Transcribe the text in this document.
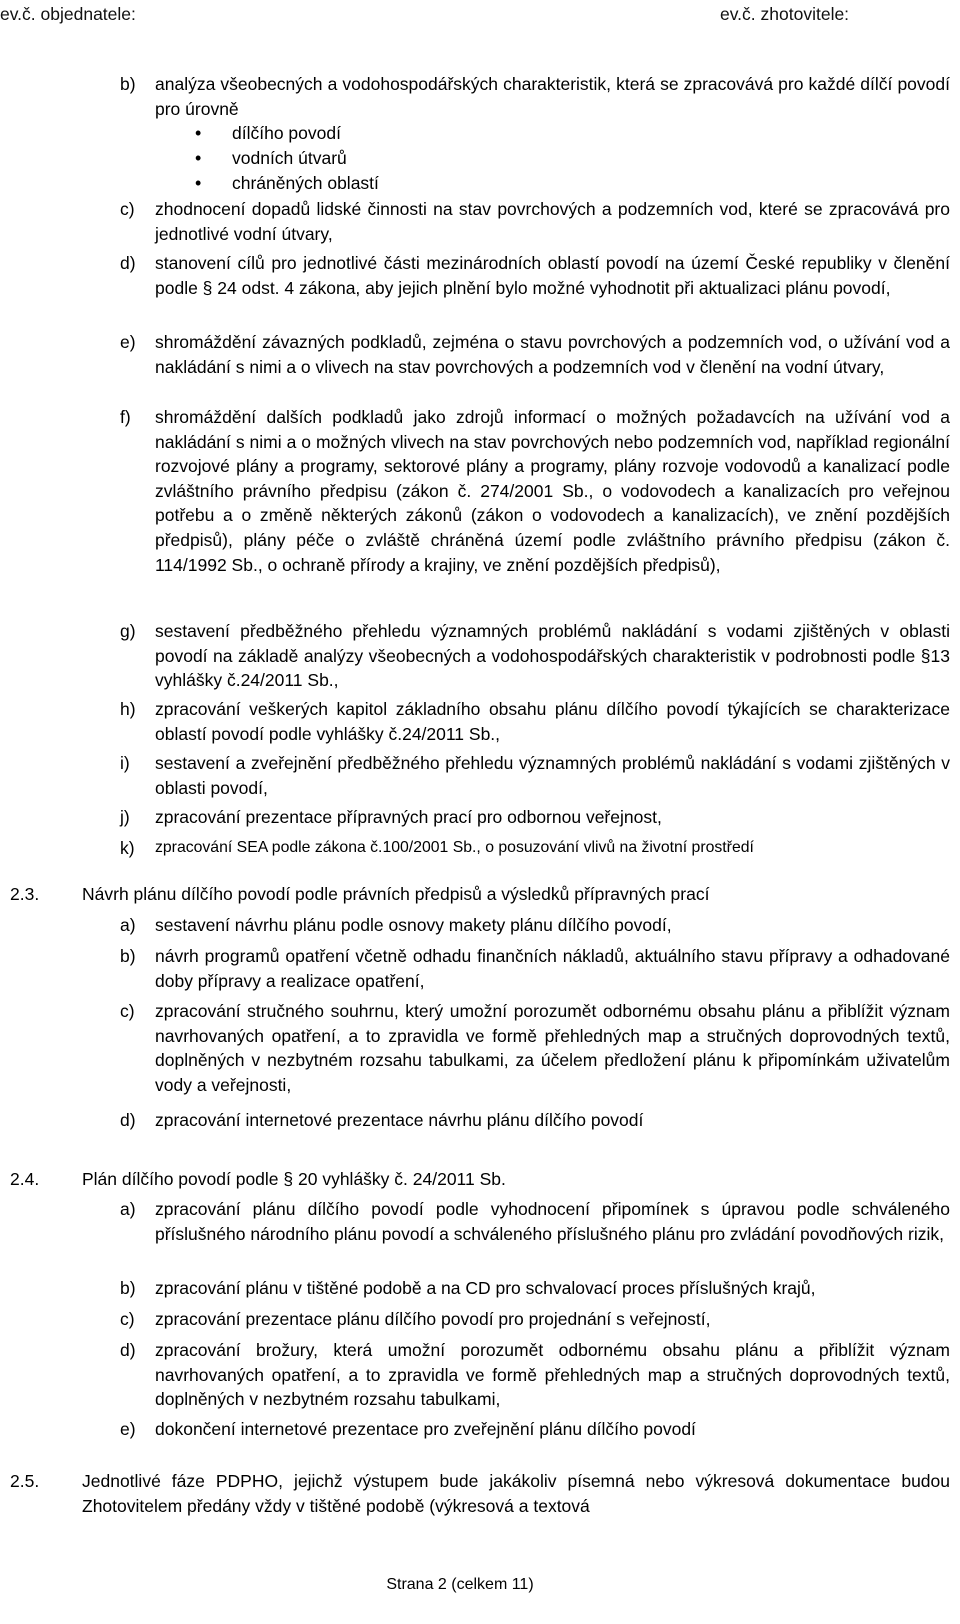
ev.č. objednatele:	ev.č. zhotovitele:
b) analýza všeobecných a vodohospodářských charakteristik, která se zpracovává pro každé dílčí povodí pro úrovně
dílčího povodí
vodních útvarů
chráněných oblastí
c) zhodnocení dopadů lidské činnosti na stav povrchových a podzemních vod, které se zpracovává pro jednotlivé vodní útvary,
d) stanovení cílů pro jednotlivé části mezinárodních oblastí povodí na území České republiky v členění podle § 24 odst. 4 zákona, aby jejich plnění bylo možné vyhodnotit při aktualizaci plánu povodí,
e) shromáždění závazných podkladů, zejména o stavu povrchových a podzemních vod, o užívání vod a nakládání s nimi a o vlivech na stav povrchových a podzemních vod v členění na vodní útvary,
f) shromáždění dalších podkladů jako zdrojů informací o možných požadavcích na užívání vod a nakládání s nimi a o možných vlivech na stav povrchových nebo podzemních vod, například regionální rozvojové plány a programy, sektorové plány a programy, plány rozvoje vodovodů a kanalizací podle zvláštního právního předpisu (zákon č. 274/2001 Sb., o vodovodech a kanalizacích pro veřejnou potřebu a o změně některých zákonů (zákon o vodovodech a kanalizacích), ve znění pozdějších předpisů), plány péče o zvláště chráněná území podle zvláštního právního předpisu (zákon č. 114/1992 Sb., o ochraně přírody a krajiny, ve znění pozdějších předpisů),
g) sestavení předběžného přehledu významných problémů nakládání s vodami zjištěných v oblasti povodí na základě analýzy všeobecných a vodohospodářských charakteristik v podrobnosti podle §13 vyhlášky č.24/2011 Sb.,
h) zpracování veškerých kapitol základního obsahu plánu dílčího povodí týkajících se charakterizace oblastí povodí podle vyhlášky č.24/2011 Sb.,
i) sestavení a zveřejnění předběžného přehledu významných problémů nakládání s vodami zjištěných v oblasti povodí,
j) zpracování prezentace přípravných prací pro odbornou veřejnost,
k) zpracování SEA podle zákona č.100/2001 Sb., o posuzování vlivů na životní prostředí
2.3. Návrh plánu dílčího povodí podle právních předpisů a výsledků přípravných prací
a) sestavení návrhu plánu podle osnovy makety plánu dílčího povodí,
b) návrh programů opatření včetně odhadu finančních nákladů, aktuálního stavu přípravy a odhadované doby přípravy a realizace opatření,
c) zpracování stručného souhrnu, který umožní porozumět odbornému obsahu plánu a přiblížit význam navrhovaných opatření, a to zpravidla ve formě přehledných map a stručných doprovodných textů, doplněných v nezbytném rozsahu tabulkami, za účelem předložení plánu k připomínkám uživatelům vody a veřejnosti,
d) zpracování internetové prezentace návrhu plánu dílčího povodí
2.4. Plán dílčího povodí podle § 20 vyhlášky č. 24/2011 Sb.
a) zpracování plánu dílčího povodí podle vyhodnocení připomínek s úpravou podle schváleného příslušného národního plánu povodí a schváleného příslušného plánu pro zvládání povodňových rizik,
b) zpracování plánu v tištěné podobě a na CD pro schvalovací proces příslušných krajů,
c) zpracování prezentace plánu dílčího povodí pro projednání s veřejností,
d) zpracování brožury, která umožní porozumět odbornému obsahu plánu a přiblížit význam navrhovaných opatření, a to zpravidla ve formě přehledných map a stručných doprovodných textů, doplněných v nezbytném rozsahu tabulkami,
e) dokončení internetové prezentace pro zveřejnění plánu dílčího povodí
2.5. Jednotlivé fáze PDPHO, jejichž výstupem bude jakákoliv písemná nebo výkresová dokumentace budou Zhotovitelem předány vždy v tištěné podobě (výkresová a textová
Strana 2 (celkem 11)
